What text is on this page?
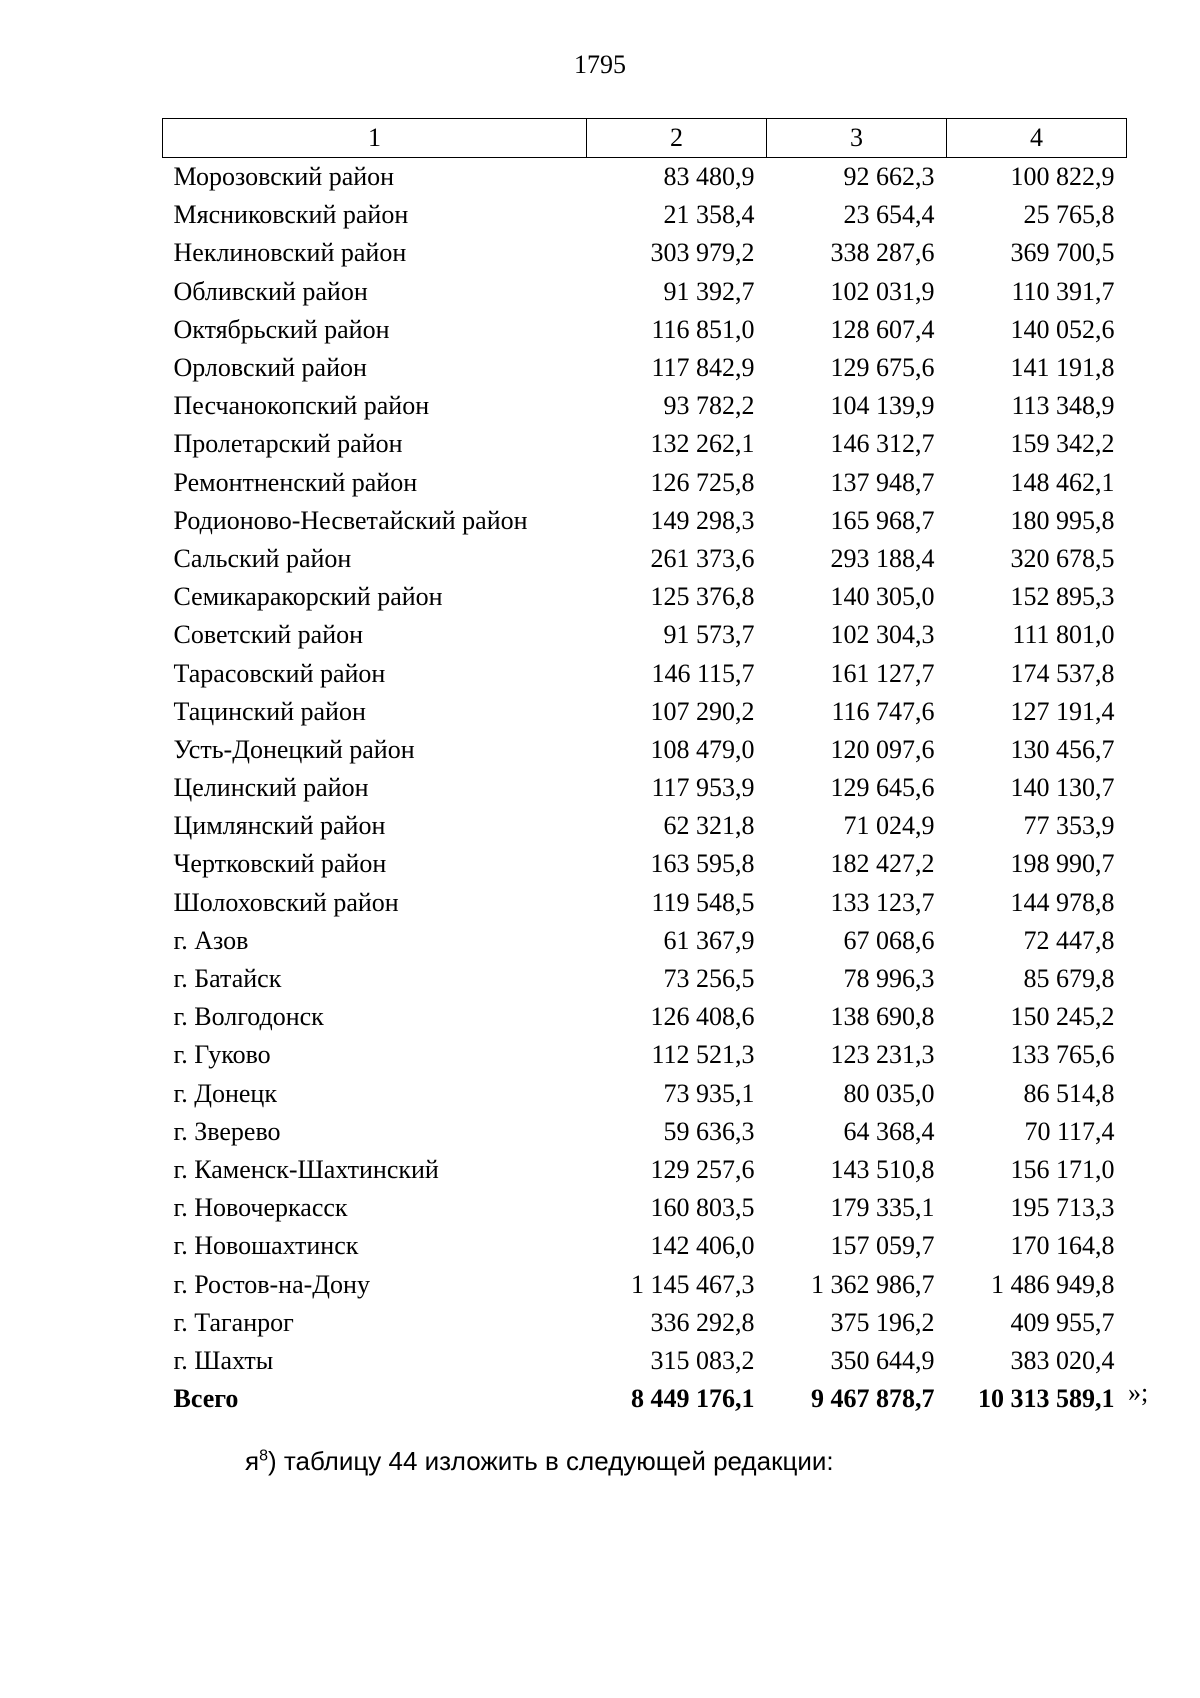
1795
1	2	3	4
Морозовский район	83 480,9	92 662,3	100 822,9
Мясниковский район	21 358,4	23 654,4	25 765,8
Неклиновский район	303 979,2	338 287,6	369 700,5
Обливский район	91 392,7	102 031,9	110 391,7
Октябрьский район	116 851,0	128 607,4	140 052,6
Орловский район	117 842,9	129 675,6	141 191,8
Песчанокопский район	93 782,2	104 139,9	113 348,9
Пролетарский район	132 262,1	146 312,7	159 342,2
Ремонтненский район	126 725,8	137 948,7	148 462,1
Родионово-Несветайский район	149 298,3	165 968,7	180 995,8
Сальский район	261 373,6	293 188,4	320 678,5
Семикаракорский район	125 376,8	140 305,0	152 895,3
Советский район	91 573,7	102 304,3	111 801,0
Тарасовский район	146 115,7	161 127,7	174 537,8
Тацинский район	107 290,2	116 747,6	127 191,4
Усть-Донецкий район	108 479,0	120 097,6	130 456,7
Целинский район	117 953,9	129 645,6	140 130,7
Цимлянский район	62 321,8	71 024,9	77 353,9
Чертковский район	163 595,8	182 427,2	198 990,7
Шолоховский район	119 548,5	133 123,7	144 978,8
г. Азов	61 367,9	67 068,6	72 447,8
г. Батайск	73 256,5	78 996,3	85 679,8
г. Волгодонск	126 408,6	138 690,8	150 245,2
г. Гуково	112 521,3	123 231,3	133 765,6
г. Донецк	73 935,1	80 035,0	86 514,8
г. Зверево	59 636,3	64 368,4	70 117,4
г. Каменск-Шахтинский	129 257,6	143 510,8	156 171,0
г. Новочеркасск	160 803,5	179 335,1	195 713,3
г. Новошахтинск	142 406,0	157 059,7	170 164,8
г. Ростов-на-Дону	1 145 467,3	1 362 986,7	1 486 949,8
г. Таганрог	336 292,8	375 196,2	409 955,7
г. Шахты	315 083,2	350 644,9	383 020,4
Всего	8 449 176,1	9 467 878,7	10 313 589,1 »;
$я^8$) таблицу 44 изложить в следующей редакции:
